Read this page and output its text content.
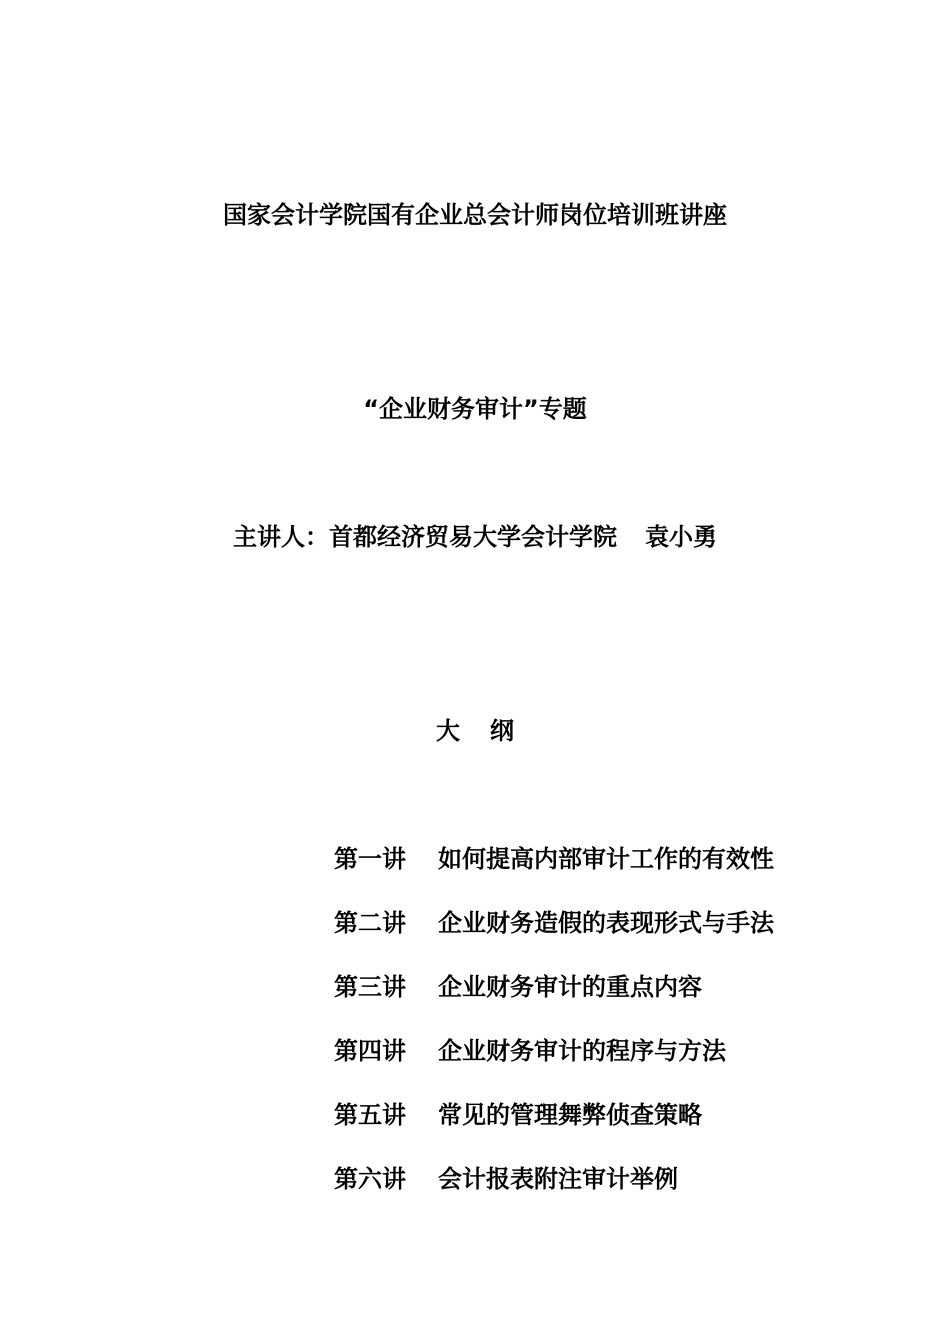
国家会计学院国有企业总会计师岗位培训班讲座
“企业财务审计”专题
主讲人：首都经济贸易大学会计学院 袁小勇
大 纲
第一讲 如何提高内部审计工作的有效性
第二讲 企业财务造假的表现形式与手法
第三讲 企业财务审计的重点内容
第四讲 企业财务审计的程序与方法
第五讲 常见的管理舞弊侦查策略
第六讲 会计报表附注审计举例
